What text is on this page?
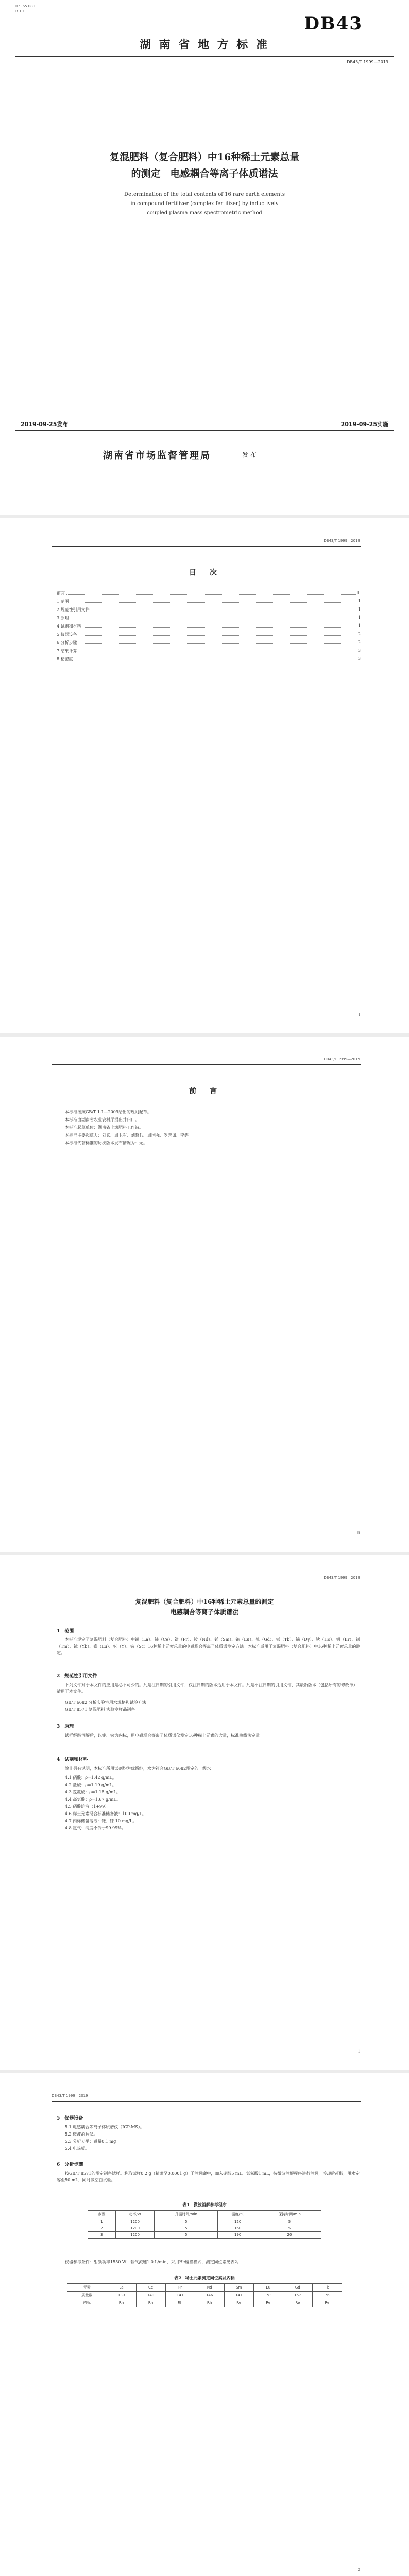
ICS 65.080
B 10
DB43
湖 南 省 地 方 标 准
DB43/T 1999—2019
复混肥料（复合肥料）中16种稀土元素总量
的测定　电感耦合等离子体质谱法
Determination of the total contents of 16 rare earth elements
in compound fertilizer (complex fertilizer) by inductively
coupled plasma mass spectrometric method
2019-09-25发布	2019-09-25实施
湖南省市场监督管理局	发 布
DB43/T 1999—2019
目　次
前言	II
1 范围	1
2 规范性引用文件	1
3 原理	1
4 试剂和材料	1
5 仪器设备	2
6 分析步骤	2
7 结果计算	3
8 精密度	3
I
DB43/T 1999—2019
前　言
本标准按照GB/T 1.1—2009给出的规则起草。
本标准由湖南省农业农村厅提出并归口。
本标准起草单位：湖南省土壤肥料工作站。
本标准主要起草人：刘武、周卫军、刘昭兵、周国强、罗志诚、李碧。
本标准代替标准的历次版本发布情况为：无。
II
DB43/T 1999—2019
复混肥料（复合肥料）中16种稀土元素总量的测定
电感耦合等离子体质谱法
1　范围
本标准规定了复混肥料（复合肥料）中镧（La）、铈（Ce）、镨（Pr）、钕（Nd）、钐（Sm）、铕（Eu）、钆（Gd）、铽（Tb）、镝（Dy）、钬（Ho）、铒（Er）、铥（Tm）、镱（Yb）、镥（Lu）、钇（Y）、钪（Sc）16种稀土元素总量的电感耦合等离子体质谱测定方法。本标准适用于复混肥料（复合肥料）中16种稀土元素总量的测定。
2　规范性引用文件
下列文件对于本文件的应用是必不可少的。凡是注日期的引用文件，仅注日期的版本适用于本文件。凡是不注日期的引用文件，其最新版本（包括所有的修改单）适用于本文件。
GB/T 6682 分析实验室用水规格和试验方法
GB/T 8571 复混肥料 实验室样品制备
3　原理
试样经酸消解后，以铑、铼为内标，用电感耦合等离子体质谱仪测定16种稀土元素的含量，标准曲线法定量。
4　试剂和材料
除非另有说明，本标准所用试剂均为优级纯，水为符合GB/T 6682规定的一级水。
4.1 硝酸：ρ=1.42 g/mL。
4.2 盐酸：ρ=1.19 g/mL。
4.3 氢氟酸：ρ=1.15 g/mL。
4.4 高氯酸：ρ=1.67 g/mL。
4.5 硝酸溶液（1+99）。
4.6 稀土元素混合标准储备液：100 mg/L。
4.7 内标储备溶液：铑、铼 10 mg/L。
4.8 氩气：纯度不低于99.99%。
1
DB43/T 1999—2019
5　仪器设备
5.1 电感耦合等离子体质谱仪（ICP-MS）。
5.2 微波消解仪。
5.3 分析天平：感量0.1 mg。
5.4 电热板。
6　分析步骤
按GB/T 8571的规定制备试样。称取试样0.2 g（精确至0.0001 g）于消解罐中，加入硝酸5 mL、氢氟酸1 mL，按微波消解程序进行消解，冷却后赶酸，用水定容至50 mL，同时做空白试验。
表1　微波消解参考程序
步骤	功率/W	升温时间/min	温度/℃	保持时间/min
1	1200	5	120	5
2	1200	5	160	5
3	1200	5	190	20
仪器参考条件：射频功率1550 W，载气流速1.0 L/min，采用He碰撞模式，测定同位素见表2。
表2　稀土元素测定同位素及内标
元素	La	Ce	Pr	Nd	Sm	Eu	Gd	Tb
质量数	139	140	141	146	147	153	157	159
内标	Rh	Rh	Rh	Rh	Re	Re	Re	Re
2
